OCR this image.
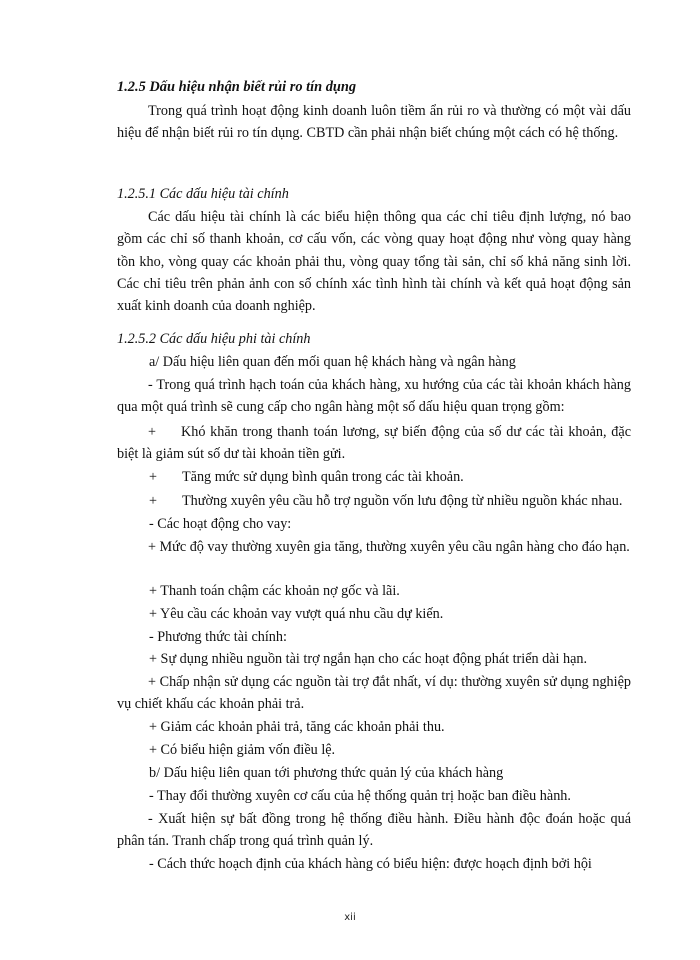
1.2.5 Dấu hiệu nhận biết rủi ro tín dụng

Trong quá trình hoạt động kinh doanh luôn tiềm ẩn rủi ro và thường có một vài dấu hiệu để nhận biết rủi ro tín dụng. CBTD cần phải nhận biết chúng một cách có hệ thống.

1.2.5.1 Các dấu hiệu tài chính

Các dấu hiệu tài chính là các biểu hiện thông qua các chỉ tiêu định lượng, nó bao gồm các chỉ số thanh khoản, cơ cấu vốn, các vòng quay hoạt động như vòng quay hàng tồn kho, vòng quay các khoản phải thu, vòng quay tổng tài sản, chỉ số khả năng sinh lời. Các chỉ tiêu trên phản ảnh con số chính xác tình hình tài chính và kết quả hoạt động sản xuất kinh doanh của doanh nghiệp.

1.2.5.2 Các dấu hiệu phi tài chính
a/ Dấu hiệu liên quan đến mối quan hệ khách hàng và ngân hàng

- Trong quá trình hạch toán của khách hàng, xu hướng của các tài khoản khách hàng qua một quá trình sẽ cung cấp cho ngân hàng một số dấu hiệu quan trọng gồm:

+ Khó khăn trong thanh toán lương, sự biến động của số dư các tài khoản, đặc biệt là giảm sút số dư tài khoản tiền gửi.

+ Tăng mức sử dụng bình quân trong các tài khoản.
+ Thường xuyên yêu cầu hỗ trợ nguồn vốn lưu động từ nhiều nguồn khác nhau.
- Các hoạt động cho vay:

+ Mức độ vay thường xuyên gia tăng, thường xuyên yêu cầu ngân hàng cho đáo hạn.

+ Thanh toán chậm các khoản nợ gốc và lãi.
+ Yêu cầu các khoản vay vượt quá nhu cầu dự kiến.
- Phương thức tài chính:
+ Sự dụng nhiều nguồn tài trợ ngắn hạn cho các hoạt động phát triển dài hạn.

+ Chấp nhận sử dụng các nguồn tài trợ đắt nhất, ví dụ: thường xuyên sử dụng nghiệp vụ chiết khấu các khoản phải trả.

+ Giảm các khoản phải trả, tăng các khoản phải thu.
+ Có biểu hiện giảm vốn điều lệ.
b/ Dấu hiệu liên quan tới phương thức quản lý của khách hàng
- Thay đổi thường xuyên cơ cấu của hệ thống quản trị hoặc ban điều hành.

- Xuất hiện sự bất đồng trong hệ thống điều hành. Điều hành độc đoán hoặc quá phân tán. Tranh chấp trong quá trình quản lý.

- Cách thức hoạch định của khách hàng có biểu hiện: được hoạch định bởi hội
xii
